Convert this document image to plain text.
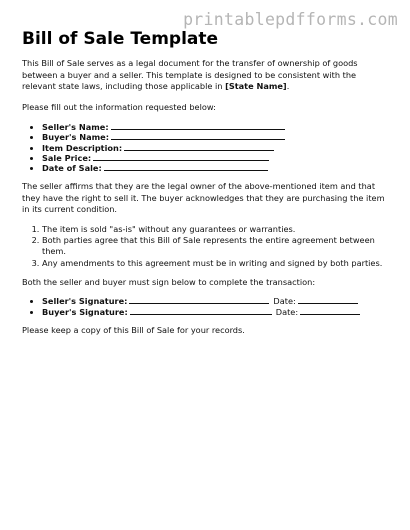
printablepdfforms.com
Bill of Sale Template

This Bill of Sale serves as a legal document for the transfer of ownership of goods between a buyer and a seller. This template is designed to be consistent with the relevant state laws, including those applicable in [State Name].

Please fill out the information requested below:

• Seller's Name:
• Buyer's Name:
• Item Description:
• Sale Price:
• Date of Sale:

The seller affirms that they are the legal owner of the above-mentioned item and that they have the right to sell it. The buyer acknowledges that they are purchasing the item in its current condition.

1. The item is sold "as-is" without any guarantees or warranties.
2. Both parties agree that this Bill of Sale represents the entire agreement between them.
3. Any amendments to this agreement must be in writing and signed by both parties.

Both the seller and buyer must sign below to complete the transaction:

• Seller's Signature:	Date:
• Buyer's Signature:	Date:

Please keep a copy of this Bill of Sale for your records.
